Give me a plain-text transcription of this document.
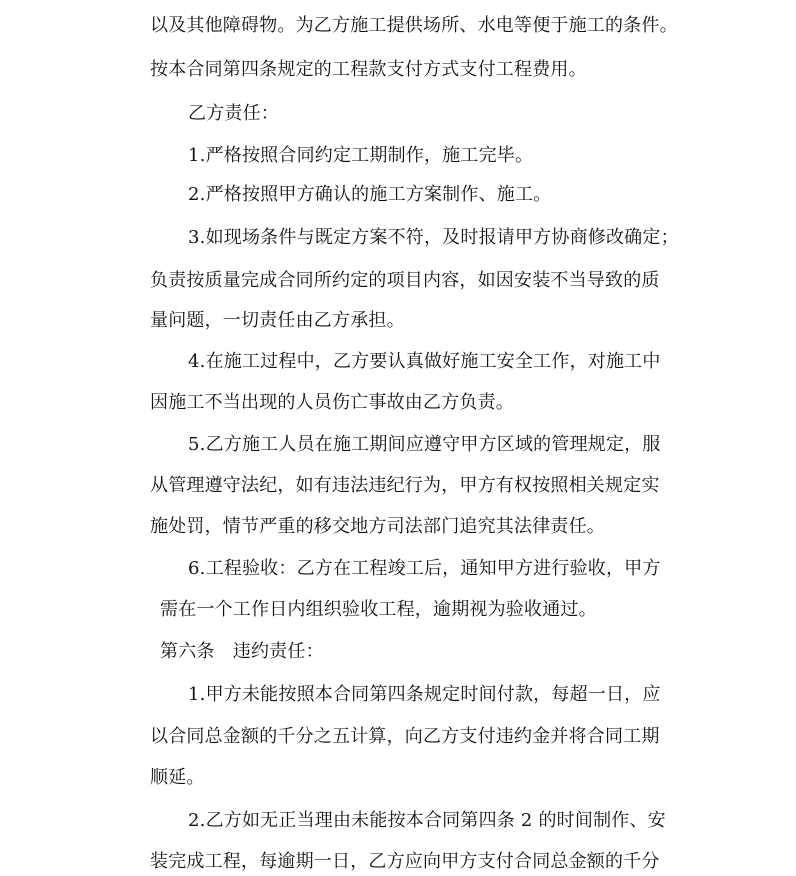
以及其他障碍物。为乙方施工提供场所、水电等便于施工的条件。
按本合同第四条规定的工程款支付方式支付工程费用。
乙方责任：
1.严格按照合同约定工期制作，施工完毕。
2.严格按照甲方确认的施工方案制作、施工。
3.如现场条件与既定方案不符，及时报请甲方协商修改确定；
负责按质量完成合同所约定的项目内容，如因安装不当导致的质
量问题，一切责任由乙方承担。
4.在施工过程中，乙方要认真做好施工安全工作，对施工中
因施工不当出现的人员伤亡事故由乙方负责。
5.乙方施工人员在施工期间应遵守甲方区域的管理规定，服
从管理遵守法纪，如有违法违纪行为，甲方有权按照相关规定实
施处罚，情节严重的移交地方司法部门追究其法律责任。
6.工程验收：乙方在工程竣工后，通知甲方进行验收，甲方
需在一个工作日内组织验收工程，逾期视为验收通过。
第六条　违约责任：
1.甲方未能按照本合同第四条规定时间付款，每超一日，应
以合同总金额的千分之五计算，向乙方支付违约金并将合同工期
顺延。
2.乙方如无正当理由未能按本合同第四条 2 的时间制作、安
装完成工程，每逾期一日，乙方应向甲方支付合同总金额的千分
